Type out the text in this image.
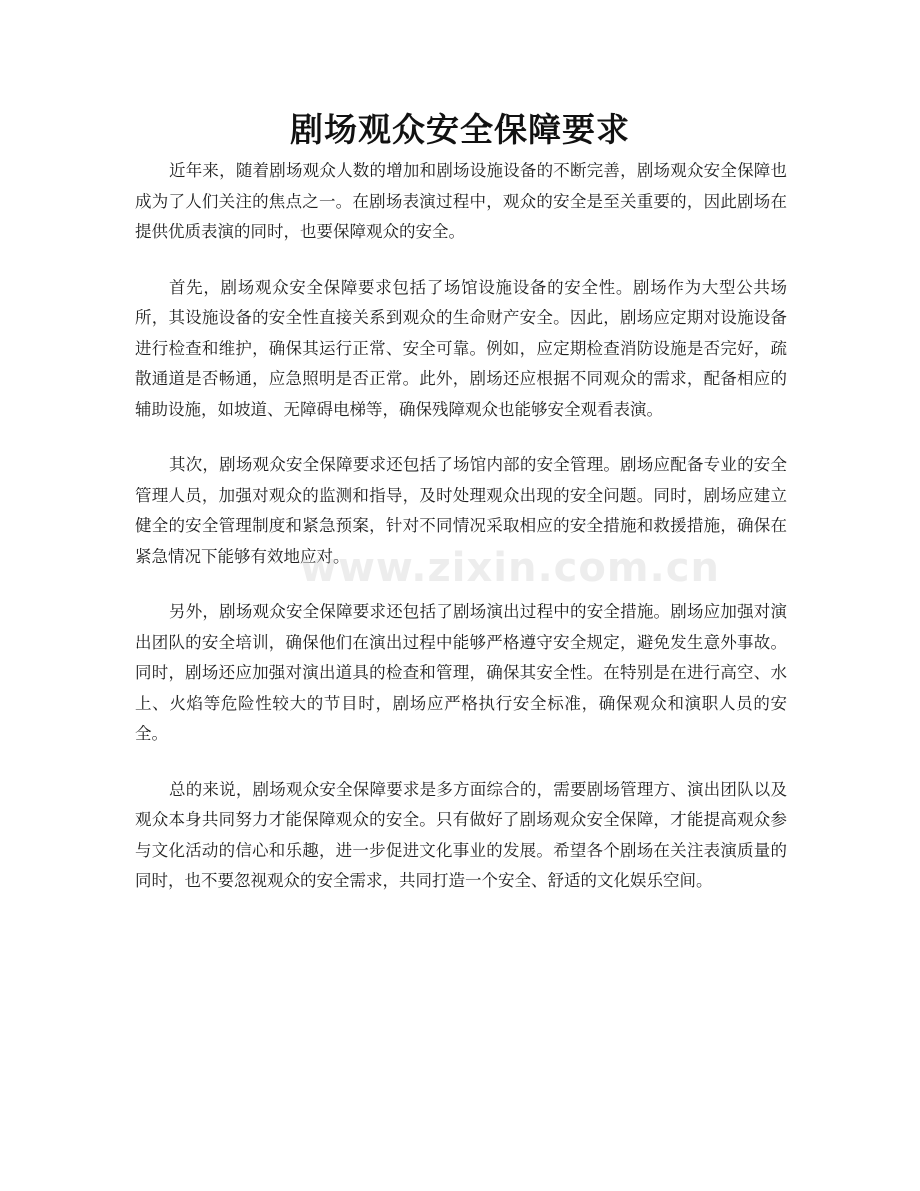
剧场观众安全保障要求

近年来，随着剧场观众人数的增加和剧场设施设备的不断完善，剧场观众安全保障也成为了人们关注的焦点之一。在剧场表演过程中，观众的安全是至关重要的，因此剧场在提供优质表演的同时，也要保障观众的安全。

首先，剧场观众安全保障要求包括了场馆设施设备的安全性。剧场作为大型公共场所，其设施设备的安全性直接关系到观众的生命财产安全。因此，剧场应定期对设施设备进行检查和维护，确保其运行正常、安全可靠。例如，应定期检查消防设施是否完好，疏散通道是否畅通，应急照明是否正常。此外，剧场还应根据不同观众的需求，配备相应的辅助设施，如坡道、无障碍电梯等，确保残障观众也能够安全观看表演。

其次，剧场观众安全保障要求还包括了场馆内部的安全管理。剧场应配备专业的安全管理人员，加强对观众的监测和指导，及时处理观众出现的安全问题。同时，剧场应建立健全的安全管理制度和紧急预案，针对不同情况采取相应的安全措施和救援措施，确保在紧急情况下能够有效地应对。

另外，剧场观众安全保障要求还包括了剧场演出过程中的安全措施。剧场应加强对演出团队的安全培训，确保他们在演出过程中能够严格遵守安全规定，避免发生意外事故。同时，剧场还应加强对演出道具的检查和管理，确保其安全性。在特别是在进行高空、水上、火焰等危险性较大的节目时，剧场应严格执行安全标准，确保观众和演职人员的安全。

总的来说，剧场观众安全保障要求是多方面综合的，需要剧场管理方、演出团队以及观众本身共同努力才能保障观众的安全。只有做好了剧场观众安全保障，才能提高观众参与文化活动的信心和乐趣，进一步促进文化事业的发展。希望各个剧场在关注表演质量的同时，也不要忽视观众的安全需求，共同打造一个安全、舒适的文化娱乐空间。

www.zixin.com.cn
